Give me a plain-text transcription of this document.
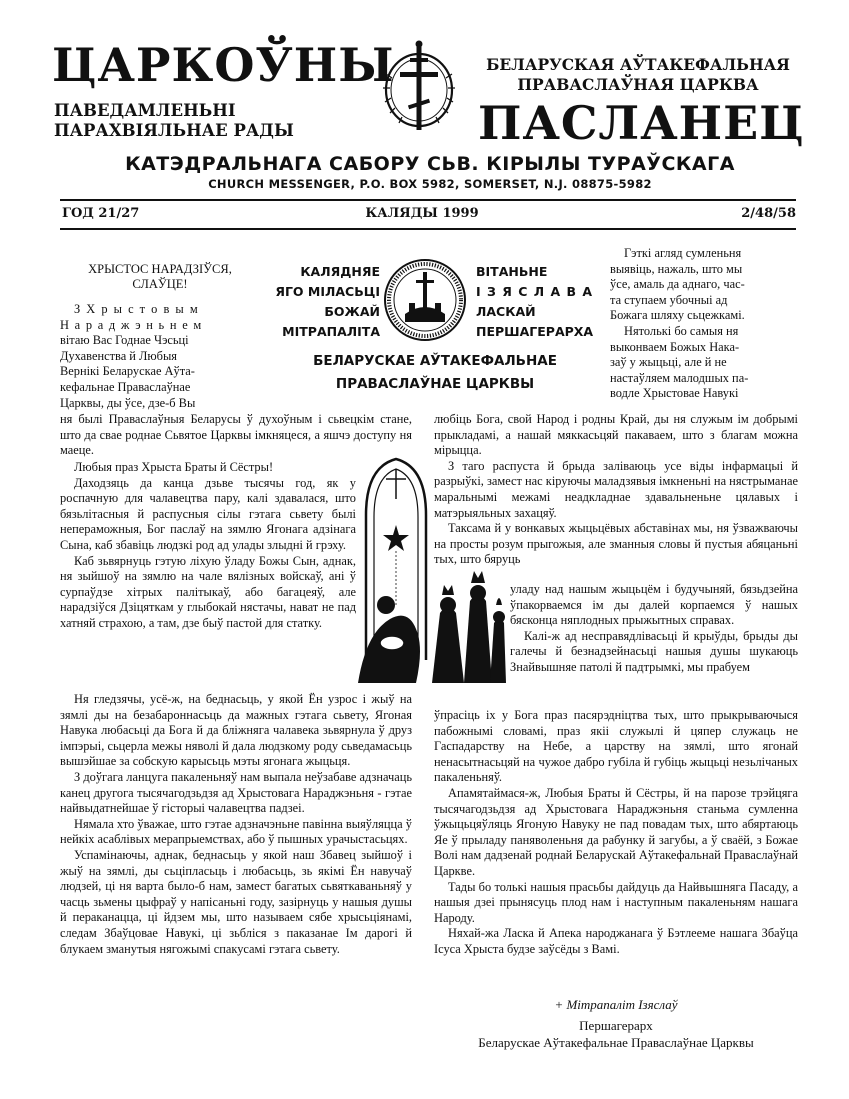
ЦАРКОЎНЫ
ПАВЕДАМЛЕНЬНІ
ПАРАХВІЯЛЬНАЕ РАДЫ
БЕЛАРУСКАЯ АЎТАКЕФАЛЬНАЯ
ПРАВАСЛАЎНАЯ ЦАРКВА
ПАСЛАНЕЦ
КАТЭДРАЛЬНАГА САБОРУ СЬВ. КІРЫЛЫ ТУРАЎСКАГА
CHURCH MESSENGER, P.O. BOX 5982, SOMERSET, N.J. 08875-5982
ГОД 21/27	КАЛЯДЫ 1999	2/48/58
ХРЫСТОС НАРАДЗІЎСЯ,
СЛАЎЦЕ!
З Х р ы с т о в ы м
Н а р а д ж э н ь н е м
вітаю Вас Годнае Чэсьці
Духавенства й Любыя
Вернікі Беларускае Аўта-
кефальнае Праваслаўнае
Царквы, ды ўсе, дзе-б Вы
КАЛЯДНЯЕ
ЯГО МІЛАСЬЦІ
БОЖАЙ
МІТРАПАЛІТА
ВІТАНЬНЕ
І З Я С Л А В А
ЛАСКАЙ
ПЕРШАГЕРАРХА
БЕЛАРУСКАЕ АЎТАКЕФАЛЬНАЕ
ПРАВАСЛАЎНАЕ ЦАРКВЫ
Гэткі агляд сумленьня
выявіць, нажаль, што мы
ўсе, амаль да аднаго, час-
та ступаем убочныі ад
Божага шляху сьцежкамі.
Нятолькі бо самыя ня
выконваем Божых Нака-
заў у жыцьці, але й не
настаўляем малодшых па-
водле Хрыстовае Навукі

ня былі Праваслаўныя Беларусы ў духоўным і сьвецкім стане, што да свае роднае Сьвятое Царквы імкняцеся, а яшчэ доступу ня маеце.

Любыя праз Хрыста Браты й Сёстры!

Даходзяць да канца дзьве тысячы год, як у роспачную для чалавецтва пару, калі здавалася, што бязьлітасныя й распусныя сілы гэтага сьвету былі непераможныя, Бог паслаў на зямлю Ягонага адзінага Сына, каб збавіць людзкі род ад улады злыдні й грэху.

Каб зьвярнуць гэтую ліхую ўладу Божы Сын, аднак, ня зыйшоў на зямлю на чале вялізных войскаў, ані ў сурпаўдзе хітрых палітыкаў, або багацеяў, але нарадзіўся Дзіцяткам у глыбокай нястачы, нават не пад хатняй страхою, а там, дзе быў пастой для статку.

Ня гледзячы, усё-ж, на беднасьць, у якой Ён узрос і жыў на зямлі ды на безабароннасьць да мажных гэтага сьвету, Ягоная Навука любасьці да Бога й да бліжняга чалавека зьвярнула ў друз імпэрыі, сьцерла межы няволі й дала людзкому роду сьведамасьць вышэйшае за собскую карысьць мэты ягонага жыцьця.

З доўгага ланцуга пакаленьняў нам выпала неўзабаве адзначаць канец другога тысячагодзьдзя ад Хрыстовага Нараджэньня - гэтае найвыдатнейшае ў гісторыі чалавецтва падзеі.

Нямала хто ўважае, што гэтае адзначэньне павінна выяўляцца ў нейкіх асаблівых мерапрыемствах, або ў пышных урачыстасьцях.

Успамінаючы, аднак, беднасьць у якой наш Збавец зыйшоў і жыў на зямлі, ды сьціпласьць і любасьць, зь якімі Ён навучаў людзей, ці ня варта было-б нам, замест багатых сьвяткаваньняў у часць зьмены цыфраў у напісаньні году, зазірнуць у нашыя душы й пераканацца, ці йдзем мы, што называем сябе хрысьціянамі, следам Збаўцовае Навукі, ці зьбліся з паказанае Ім дарогі й блукаем зманутыя нягожымі спакусамі гэтага сьвету.

любіць Бога, свой Народ і родны Край, ды ня служым ім добрымі прыкладамі, а нашай мяккасьцяй пакаваем, што з благам можна мірыцца.

З таго распуста й брыда заліваюць усе віды інфармацыі й разрыўкі, замест нас кіруючы маладзявыя імкненьні на нястрыманае маральнымі межамі неадкладнае здавальненьне цялавых і матэрыяльных захацяў.

Таксама й у вонкавых жыцьцёвых абставінах мы, ня ўзважваючы на просты розум прыгожыя, але зманныя словы й пустыя абяцаньні тых, што бяруць

уладу над нашым жыцьцём і будучыняй, бязьдзейна ўпакорваемся ім ды далей корпаемся ў нашых бясконца няплодных прыжытных справах.

Калі-ж ад несправядлівасьці й крыўды, брыды ды галечы й безнадзейнасьці нашыя душы шукаюць Знайвышняе патолі й падтрымкі, мы прабуем

ўпрасіць іх у Бога праз пасярэдніцтва тых, што прыкрываючыся пабожнымі словамі, праз якіі служылі й цяпер служаць не Гаспадарству на Небе, а царству на зямлі, што ягонай ненасытнасьцяй на чужое дабро губіла й губіць жыцьці незьлічаных пакаленьняў.

Апамятаймася-ж, Любыя Браты й Сёстры, й на парозе трэйцяга тысячагодзьдзя ад Хрыстовага Нараджэньня станьма сумленна ўжыцьцяўляць Ягоную Навуку не пад повадам тых, што абяртаюць Яе ў прыладу паняволеньня да рабунку й загубы, а ў сваёй, з Божае Волі нам дадзенай роднай Беларускай Аўтакефальнай Праваслаўнай Царкве.

Тады бо толькі нашыя прасьбы дайдуць да Найвышняга Пасаду, а нашыя дзеі прынясуць плод нам і наступным пакаленьням нашага Народу.

Няхай-жа Ласка й Апека народжанага ў Бэтлееме нашага Збаўца Ісуса Хрыста будзе заўсёды з Вамі.

+ Мітрапаліт Ізяслаў
Першагерарх
Беларускае Аўтакефальнае Праваслаўнае Царквы
